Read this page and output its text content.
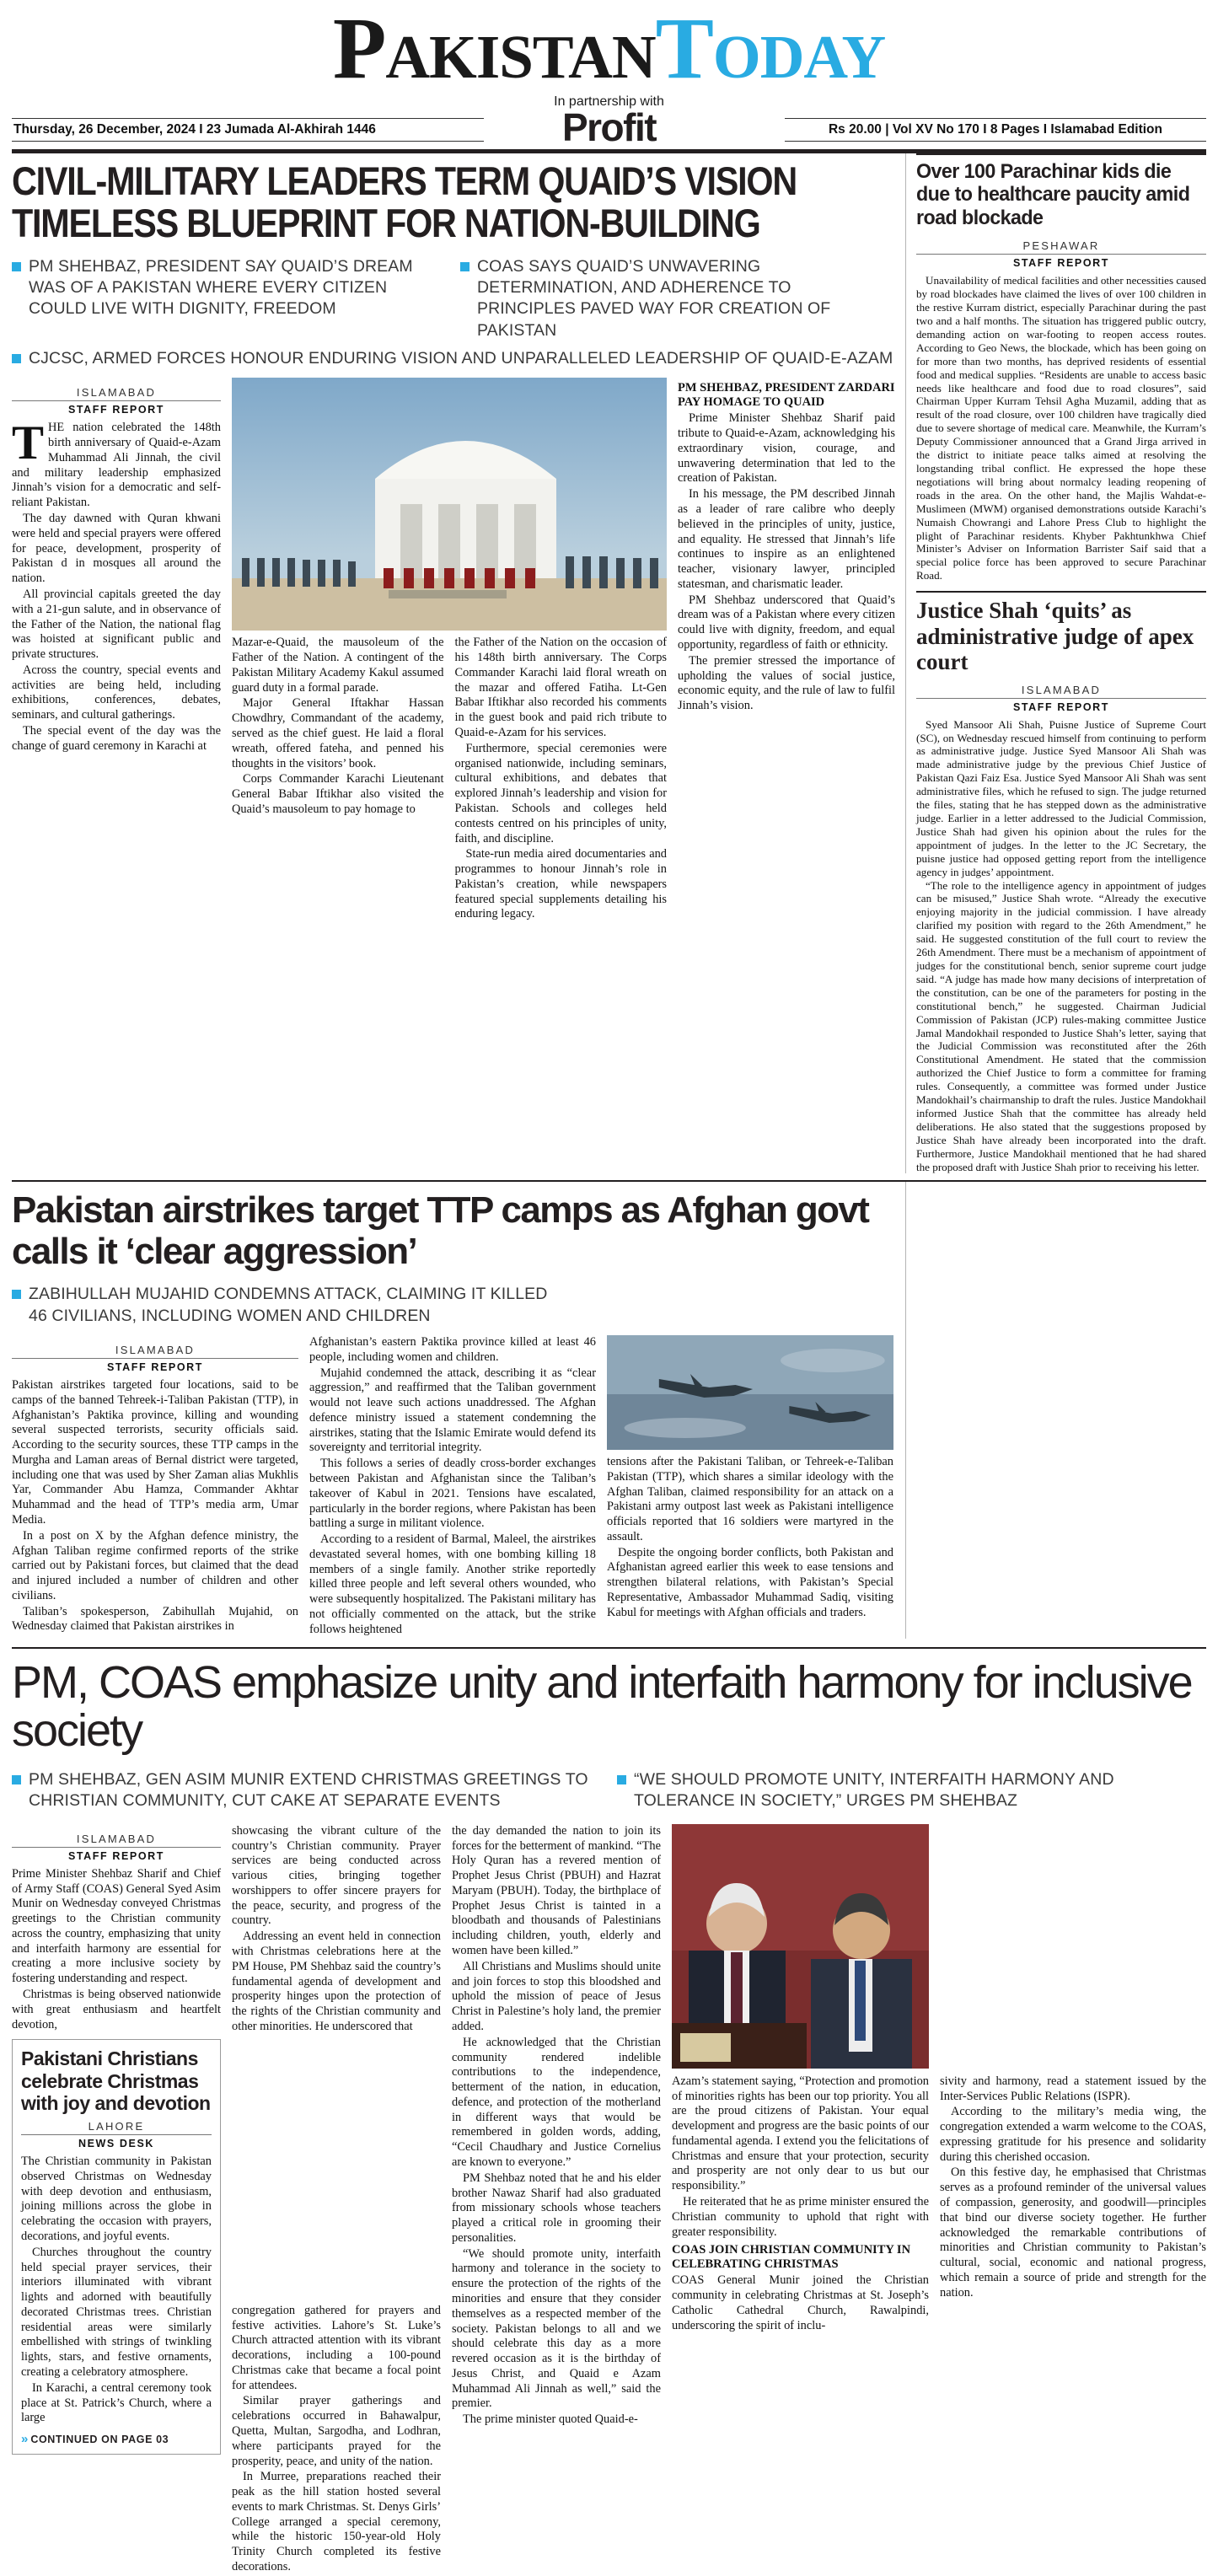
PakistanToday
In partnership with
Profit
Thursday, 26 December, 2024 I 23 Jumada Al-Akhirah 1446	Rs 20.00 | Vol XV No 170 I 8 Pages I Islamabad Edition
CIVIL-MILITARY LEADERS TERM QUAID’S VISION TIMELESS BLUEPRINT FOR NATION-BUILDING
PM SHEHBAZ, PRESIDENT SAY QUAID’S DREAM WAS OF A PAKISTAN WHERE EVERY CITIZEN COULD LIVE WITH DIGNITY, FREEDOM
COAS SAYS QUAID’S UNWAVERING DETERMINATION, AND ADHERENCE TO PRINCIPLES PAVED WAY FOR CREATION OF PAKISTAN
CJCSC, ARMED FORCES HONOUR ENDURING VISION AND UNPARALLELED LEADERSHIP OF QUAID-E-AZAM
ISLAMABAD
STAFF REPORT

THE nation celebrated the 148th birth anniversary of Quaid-e-Azam Muhammad Ali Jinnah, the civil and military leadership emphasized Jinnah’s vision for a democratic and self-reliant Pakistan.

The day dawned with Quran khwani were held and special prayers were offered for peace, development, prosperity of Pakistan d in mosques all around the nation.

All provincial capitals greeted the day with a 21-gun salute, and in observance of the Father of the Nation, the national flag was hoisted at significant public and private structures.

Across the country, special events and activities are being held, including exhibitions, conferences, debates, seminars, and cultural gatherings.

The special event of the day was the change of guard ceremony in Karachi at

Mazar-e-Quaid, the mausoleum of the Father of the Nation. A contingent of the Pakistan Military Academy Kakul assumed guard duty in a formal parade.

Major General Iftakhar Hassan Chowdhry, Commandant of the academy, served as the chief guest. He laid a floral wreath, offered fateha, and penned his thoughts in the visitors’ book.

Corps Commander Karachi Lieutenant General Babar Iftikhar also visited the Quaid’s mausoleum to pay homage to

the Father of the Nation on the occasion of his 148th birth anniversary. The Corps Commander Karachi laid floral wreath on the mazar and offered Fatiha. Lt-Gen Babar Iftikhar also recorded his comments in the guest book and paid rich tribute to Quaid-e-Azam for his services.

Furthermore, special ceremonies were organised nationwide, including seminars, cultural exhibitions, and debates that explored Jinnah’s leadership and vision for Pakistan. Schools and colleges held contests centred on his principles of unity, faith, and discipline.

State-run media aired documentaries and programmes to honour Jinnah’s role in Pakistan’s creation, while newspapers featured special supplements detailing his enduring legacy.

PM SHEHBAZ, PRESIDENT ZARDARI PAY HOMAGE TO QUAID

Prime Minister Shehbaz Sharif paid tribute to Quaid-e-Azam, acknowledging his extraordinary vision, courage, and unwavering determination that led to the creation of Pakistan.

In his message, the PM described Jinnah as a leader of rare calibre who deeply believed in the principles of unity, justice, and equality. He stressed that Jinnah’s life continues to inspire as an enlightened teacher, visionary lawyer, principled statesman, and charismatic leader.

PM Shehbaz underscored that Quaid’s dream was of a Pakistan where every citizen could live with dignity, freedom, and equal opportunity, regardless of faith or ethnicity.

The premier stressed the importance of upholding the values of social justice, economic equity, and the rule of law to fulfil Jinnah’s vision.

Over 100 Parachinar kids die due to healthcare paucity amid road blockade
PESHAWAR
STAFF REPORT

Unavailability of medical facilities and other necessities caused by road blockades have claimed the lives of over 100 children in the restive Kurram district, especially Parachinar during the past two and a half months. The situation has triggered public outcry, demanding action on war-footing to reopen access routes. According to Geo News, the blockade, which has been going on for more than two months, has deprived residents of essential food and medical supplies. “Residents are unable to access basic needs like healthcare and food due to road closures”, said Chairman Upper Kurram Tehsil Agha Muzamil, adding that as result of the road closure, over 100 children have tragically died due to severe shortage of medical care. Meanwhile, the Kurram’s Deputy Commissioner announced that a Grand Jirga arrived in the district to initiate peace talks aimed at resolving the longstanding tribal conflict. He expressed the hope these negotiations will bring about normalcy leading reopening of roads in the area. On the other hand, the Majlis Wahdat-e-Muslimeen (MWM) organised demonstrations outside Karachi’s Numaish Chowrangi and Lahore Press Club to highlight the plight of Parachinar residents. Khyber Pakhtunkhwa Chief Minister’s Adviser on Information Barrister Saif said that a special police force has been approved to secure Parachinar Road.

Justice Shah ‘quits’ as administrative judge of apex court
ISLAMABAD
STAFF REPORT

Syed Mansoor Ali Shah, Puisne Justice of Supreme Court (SC), on Wednesday rescued himself from continuing to perform as administrative judge. Justice Syed Mansoor Ali Shah was made administrative judge by the previous Chief Justice of Pakistan Qazi Faiz Esa. Justice Syed Mansoor Ali Shah was sent administrative files, which he refused to sign. The judge returned the files, stating that he has stepped down as the administrative judge. Earlier in a letter addressed to the Judicial Commission, Justice Shah had given his opinion about the rules for the appointment of judges. In the letter to the JC Secretary, the puisne justice had opposed getting report from the intelligence agency in judges’ appointment.

“The role to the intelligence agency in appointment of judges can be misused,” Justice Shah wrote. “Already the executive enjoying majority in the judicial commission. I have already clarified my position with regard to the 26th Amendment,” he said. He suggested constitution of the full court to review the 26th Amendment. There must be a mechanism of appointment of judges for the constitutional bench, senior supreme court judge said. “A judge has made how many decisions of interpretation of the constitution, can be one of the parameters for posting in the constitutional bench,” he suggested. Chairman Judicial Commission of Pakistan (JCP) rules-making committee Justice Jamal Mandokhail responded to Justice Shah’s letter, saying that the Judicial Commission was reconstituted after the 26th Constitutional Amendment. He stated that the commission authorized the Chief Justice to form a committee for framing rules. Consequently, a committee was formed under Justice Mandokhail’s chairmanship to draft the rules. Justice Mandokhail informed Justice Shah that the committee has already held deliberations. He also stated that the suggestions proposed by Justice Shah have already been incorporated into the draft. Furthermore, Justice Mandokhail mentioned that he had shared the proposed draft with Justice Shah prior to receiving his letter.

Pakistan airstrikes target TTP camps as Afghan govt calls it ‘clear aggression’
ZABIHULLAH MUJAHID CONDEMNS ATTACK, CLAIMING IT KILLED 46 CIVILIANS, INCLUDING WOMEN AND CHILDREN
ISLAMABAD
STAFF REPORT

Pakistan airstrikes targeted four locations, said to be camps of the banned Tehreek-i-Taliban Pakistan (TTP), in Afghanistan’s Paktika province, killing and wounding several suspected terrorists, security officials said. According to the security sources, these TTP camps in the Murgha and Laman areas of Bernal district were targeted, including one that was used by Sher Zaman alias Mukhlis Yar, Commander Abu Hamza, Commander Akhtar Muhammad and the head of TTP’s media arm, Umar Media.

In a post on X by the Afghan defence ministry, the Afghan Taliban regime confirmed reports of the strike carried out by Pakistani forces, but claimed that the dead and injured included a number of children and other civilians.

Taliban’s spokesperson, Zabihullah Mujahid, on Wednesday claimed that Pakistan airstrikes in

Afghanistan’s eastern Paktika province killed at least 46 people, including women and children.

Mujahid condemned the attack, describing it as “clear aggression,” and reaffirmed that the Taliban government would not leave such actions unaddressed. The Afghan defence ministry issued a statement condemning the airstrikes, stating that the Islamic Emirate would defend its sovereignty and territorial integrity.

This follows a series of deadly cross-border exchanges between Pakistan and Afghanistan since the Taliban’s takeover of Kabul in 2021. Tensions have escalated, particularly in the border regions, where Pakistan has been battling a surge in militant violence.

According to a resident of Barmal, Maleel, the airstrikes devastated several homes, with one bombing killing 18 members of a single family. Another strike reportedly killed three people and left several others wounded, who were subsequently hospitalized. The Pakistani military has not officially commented on the attack, but the strike follows heightened

tensions after the Pakistani Taliban, or Tehreek-e-Taliban Pakistan (TTP), which shares a similar ideology with the Afghan Taliban, claimed responsibility for an attack on a Pakistani army outpost last week as Pakistani intelligence officials reported that 16 soldiers were martyred in the assault.

Despite the ongoing border conflicts, both Pakistan and Afghanistan agreed earlier this week to ease tensions and strengthen bilateral relations, with Pakistan’s Special Representative, Ambassador Muhammad Sadiq, visiting Kabul for meetings with Afghan officials and traders.

PM, COAS emphasize unity and interfaith harmony for inclusive society
PM SHEHBAZ, GEN ASIM MUNIR EXTEND CHRISTMAS GREETINGS TO CHRISTIAN COMMUNITY, CUT CAKE AT SEPARATE EVENTS
“WE SHOULD PROMOTE UNITY, INTERFAITH HARMONY AND TOLERANCE IN SOCIETY,” URGES PM SHEHBAZ
ISLAMABAD
STAFF REPORT

Prime Minister Shehbaz Sharif and Chief of Army Staff (COAS) General Syed Asim Munir on Wednesday conveyed Christmas greetings to the Christian community across the country, emphasizing that unity and interfaith harmony are essential for creating a more inclusive society by fostering understanding and respect.

Christmas is being observed nationwide with great enthusiasm and heartfelt devotion,

Pakistani Christians celebrate Christmas with joy and devotion
LAHORE
NEWS DESK

The Christian community in Pakistan observed Christmas on Wednesday with deep devotion and enthusiasm, joining millions across the globe in celebrating the occasion with prayers, decorations, and joyful events.

Churches throughout the country held special prayer services, their interiors illuminated with vibrant lights and adorned with beautifully decorated Christmas trees. Christian residential areas were similarly embellished with strings of twinkling lights, stars, and festive ornaments, creating a celebratory atmosphere.

In Karachi, a central ceremony took place at St. Patrick’s Church, where a large

» CONTINUED ON PAGE 03

showcasing the vibrant culture of the country’s Christian community. Prayer services are being conducted across various cities, bringing together worshippers to offer sincere prayers for the peace, security, and progress of the country.

Addressing an event held in connection with Christmas celebrations here at the PM House, PM Shehbaz said the country’s fundamental agenda of development and prosperity hinges upon the protection of the rights of the Christian community and other minorities. He underscored that

congregation gathered for prayers and festive activities. Lahore’s St. Luke’s Church attracted attention with its vibrant decorations, including a 100-pound Christmas cake that became a focal point for attendees.

Similar prayer gatherings and celebrations occurred in Bahawalpur, Quetta, Multan, Sargodha, and Lodhran, where participants prayed for the prosperity, peace, and unity of the nation.

In Murree, preparations reached their peak as the hill station hosted several events to mark Christmas. St. Denys Girls’ College arranged a special ceremony, while the historic 150-year-old Holy Trinity Church completed its festive decorations.

the day demanded the nation to join its forces for the betterment of mankind. “The Holy Quran has a revered mention of Prophet Jesus Christ (PBUH) and Hazrat Maryam (PBUH). Today, the birthplace of Prophet Jesus Christ is tainted in a bloodbath and thousands of Palestinians including children, youth, elderly and women have been killed.”

All Christians and Muslims should unite and join forces to stop this bloodshed and uphold the mission of peace of Jesus Christ in Palestine’s holy land, the premier added.

He acknowledged that the Christian community rendered indelible contributions to the independence, betterment of the nation, in education, defence, and protection of the motherland in different ways that would be remembered in golden words, adding, “Cecil Chaudhary and Justice Cornelius are known to everyone.”

PM Shehbaz noted that he and his elder brother Nawaz Sharif had also graduated from missionary schools whose teachers played a critical role in grooming their personalities.

“We should promote unity, interfaith harmony and tolerance in the society to ensure the protection of the rights of the minorities and ensure that they consider themselves as a respected member of the society. Pakistan belongs to all and we should celebrate this day as a more revered occasion as it is the birthday of Jesus Christ, and Quaid e Azam Muhammad Ali Jinnah as well,” said the premier.

The prime minister quoted Quaid-e-

Azam’s statement saying, “Protection and promotion of minorities rights has been our top priority. You all are the proud citizens of Pakistan. Your equal development and progress are the basic points of our fundamental agenda. I extend you the felicitations of Christmas and ensure that your protection, security and prosperity are not only dear to us but our responsibility.”

He reiterated that he as prime minister ensured the Christian community to uphold that right with greater responsibility.

COAS JOIN CHRISTIAN COMMUNITY IN CELEBRATING CHRISTMAS

COAS General Munir joined the Christian community in celebrating Christmas at St. Joseph’s Catholic Cathedral Church, Rawalpindi, underscoring the spirit of inclu-

sivity and harmony, read a statement issued by the Inter-Services Public Relations (ISPR).

According to the military’s media wing, the congregation extended a warm welcome to the COAS, expressing gratitude for his presence and solidarity during this cherished occasion.

On this festive day, he emphasised that Christmas serves as a profound reminder of the universal values of compassion, generosity, and goodwill—principles that bind our diverse society together. He further acknowledged the remarkable contributions of minorities and Christian community to Pakistan’s cultural, social, economic and national progress, which remain a source of pride and strength for the nation.
